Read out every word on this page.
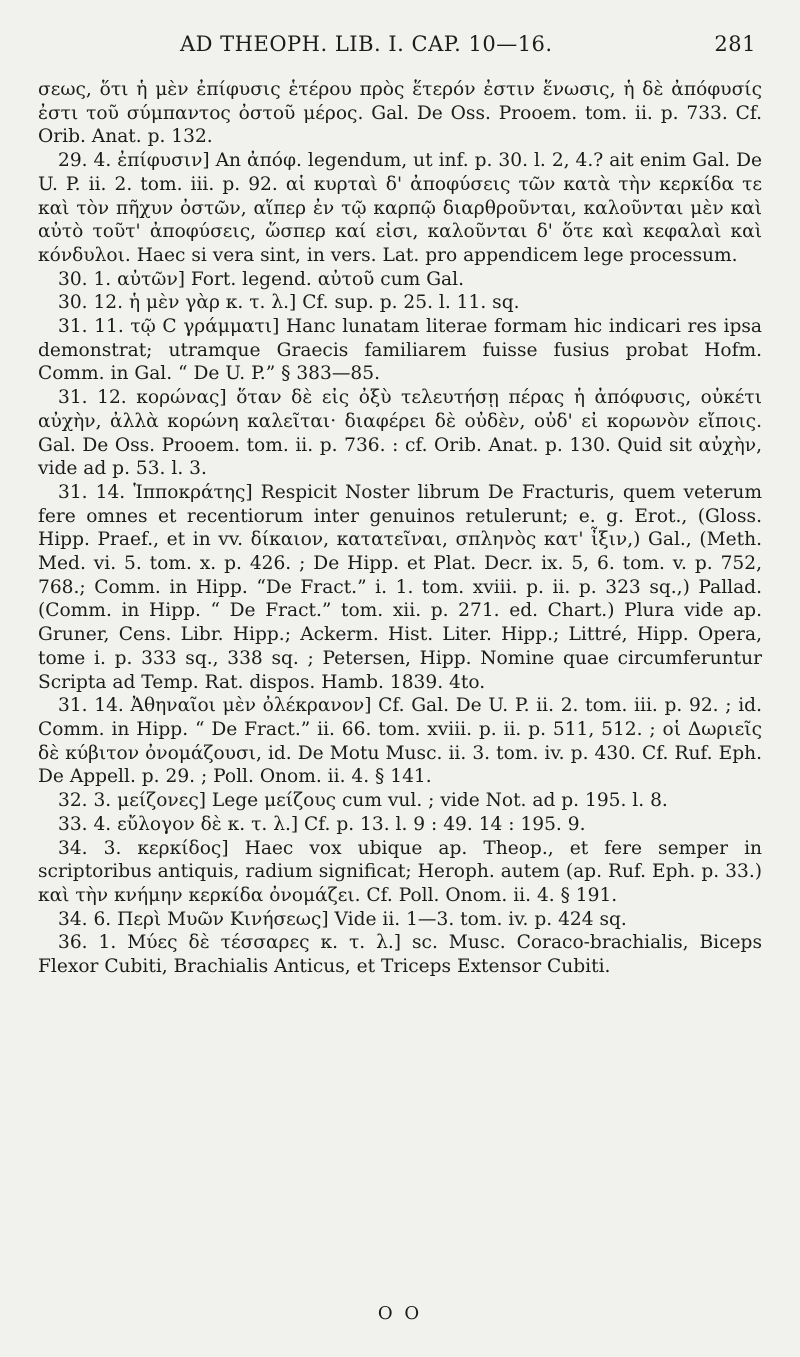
AD THEOPH. LIB. I. CAP. 10—16.	281

σεως, ὅτι ἡ μὲν ἐπίφυσις ἑτέρου πρὸς ἕτερόν ἐστιν ἕνωσις, ἡ δὲ ἀπόφυσίς ἐστι τοῦ σύμπαντος ὀστοῦ μέρος. Gal. De Oss. Prooem. tom. ii. p. 733. Cf. Orib. Anat. p. 132.

29. 4. ἐπίφυσιν] An ἀπόφ. legendum, ut inf. p. 30. l. 2, 4.? ait enim Gal. De U. P. ii. 2. tom. iii. p. 92. αἱ κυρταὶ δ' ἀποφύσεις τῶν κατὰ τὴν κερκίδα τε καὶ τὸν πῆχυν ὀστῶν, αἵπερ ἐν τῷ καρπῷ διαρθροῦνται, καλοῦνται μὲν καὶ αὐτὸ τοῦτ' ἀποφύσεις, ὥσπερ καί εἰσι, καλοῦνται δ' ὅτε καὶ κεφαλαὶ καὶ κόνδυλοι. Haec si vera sint, in vers. Lat. pro appendicem lege processum.

30. 1. αὐτῶν] Fort. legend. αὐτοῦ cum Gal.

30. 12. ἡ μὲν γὰρ κ. τ. λ.] Cf. sup. p. 25. l. 11. sq.

31. 11. τῷ C γράμματι] Hanc lunatam literae formam hic indicari res ipsa demonstrat; utramque Graecis familiarem fuisse fusius probat Hofm. Comm. in Gal. “ De U. P.” § 383—85.

31. 12. κορώνας] ὅταν δὲ εἰς ὀξὺ τελευτήσῃ πέρας ἡ ἀπόφυσις, οὐκέτι αὐχὴν, ἀλλὰ κορώνη καλεῖται· διαφέρει δὲ οὐδὲν, οὐδ' εἰ κορωνὸν εἴποις. Gal. De Oss. Prooem. tom. ii. p. 736. : cf. Orib. Anat. p. 130. Quid sit αὐχὴν, vide ad p. 53. l. 3.

31. 14. Ἱπποκράτης] Respicit Noster librum De Fracturis, quem veterum fere omnes et recentiorum inter genuinos retulerunt; e. g. Erot., (Gloss. Hipp. Praef., et in vv. δίκαιον, κατατεῖναι, σπληνὸς κατ' ἶξιν,) Gal., (Meth. Med. vi. 5. tom. x. p. 426. ; De Hipp. et Plat. Decr. ix. 5, 6. tom. v. p. 752, 768.; Comm. in Hipp. “De Fract.” i. 1. tom. xviii. p. ii. p. 323 sq.,) Pallad. (Comm. in Hipp. “ De Fract.” tom. xii. p. 271. ed. Chart.) Plura vide ap. Gruner, Cens. Libr. Hipp.; Ackerm. Hist. Liter. Hipp.; Littré, Hipp. Opera, tome i. p. 333 sq., 338 sq. ; Petersen, Hipp. Nomine quae circumferuntur Scripta ad Temp. Rat. dispos. Hamb. 1839. 4to.

31. 14. Ἀθηναῖοι μὲν ὀλέκρανον] Cf. Gal. De U. P. ii. 2. tom. iii. p. 92. ; id. Comm. in Hipp. “ De Fract.” ii. 66. tom. xviii. p. ii. p. 511, 512. ; οἱ Δωριεῖς δὲ κύβιτον ὀνομάζουσι, id. De Motu Musc. ii. 3. tom. iv. p. 430. Cf. Ruf. Eph. De Appell. p. 29. ; Poll. Onom. ii. 4. § 141.

32. 3. μείζονες] Lege μείζους cum vul. ; vide Not. ad p. 195. l. 8.

33. 4. εὔλογον δὲ κ. τ. λ.] Cf. p. 13. l. 9 : 49. 14 : 195. 9.

34. 3. κερκίδος] Haec vox ubique ap. Theop., et fere semper in scriptoribus antiquis, radium significat; Heroph. autem (ap. Ruf. Eph. p. 33.) καὶ τὴν κνήμην κερκίδα ὀνομάζει. Cf. Poll. Onom. ii. 4. § 191.

34. 6. Περὶ Μυῶν Κινήσεως] Vide ii. 1—3. tom. iv. p. 424 sq.

36. 1. Μύες δὲ τέσσαρες κ. τ. λ.] sc. Musc. Coraco-brachialis, Biceps Flexor Cubiti, Brachialis Anticus, et Triceps Extensor Cubiti.

O O
